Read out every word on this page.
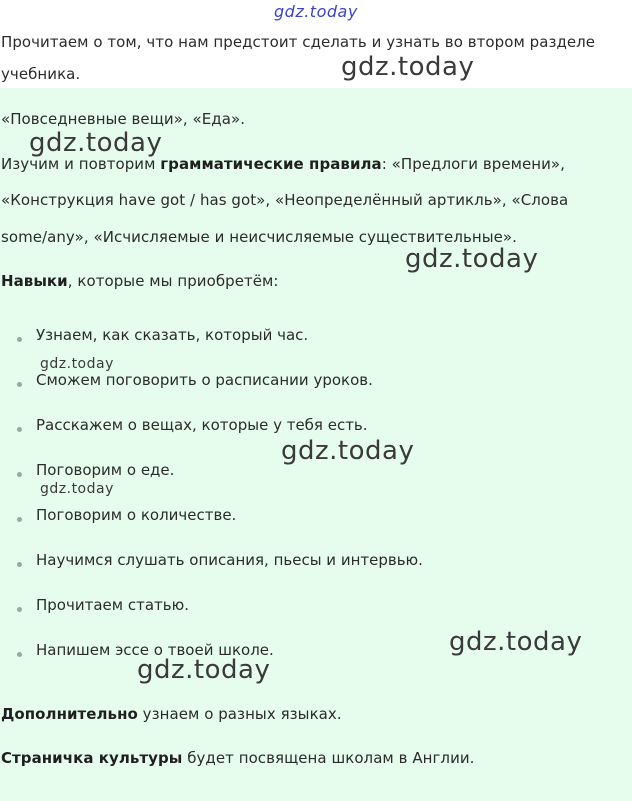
gdz.today
Прочитаем о том, что нам предстоит сделать и узнать во втором разделе
учебника.
«Повседневные вещи», «Еда».
Изучим и повторим грамматические правила: «Предлоги времени»,
«Конструкция have got / has got», «Неопределённый артикль», «Слова
some/any», «Исчисляемые и неисчисляемые существительные».
Навыки, которые мы приобретём:
Узнаем, как сказать, который час.
Сможем поговорить о расписании уроков.
Расскажем о вещах, которые у тебя есть.
Поговорим о еде.
Поговорим о количестве.
Научимся слушать описания, пьесы и интервью.
Прочитаем статью.
Напишем эссе о твоей школе.
Дополнительно узнаем о разных языках.
Страничка культуры будет посвящена школам в Англии.
gdz.today
gdz.today
gdz.today
gdz.today
gdz.today
gdz.today
gdz.today
gdz.today
